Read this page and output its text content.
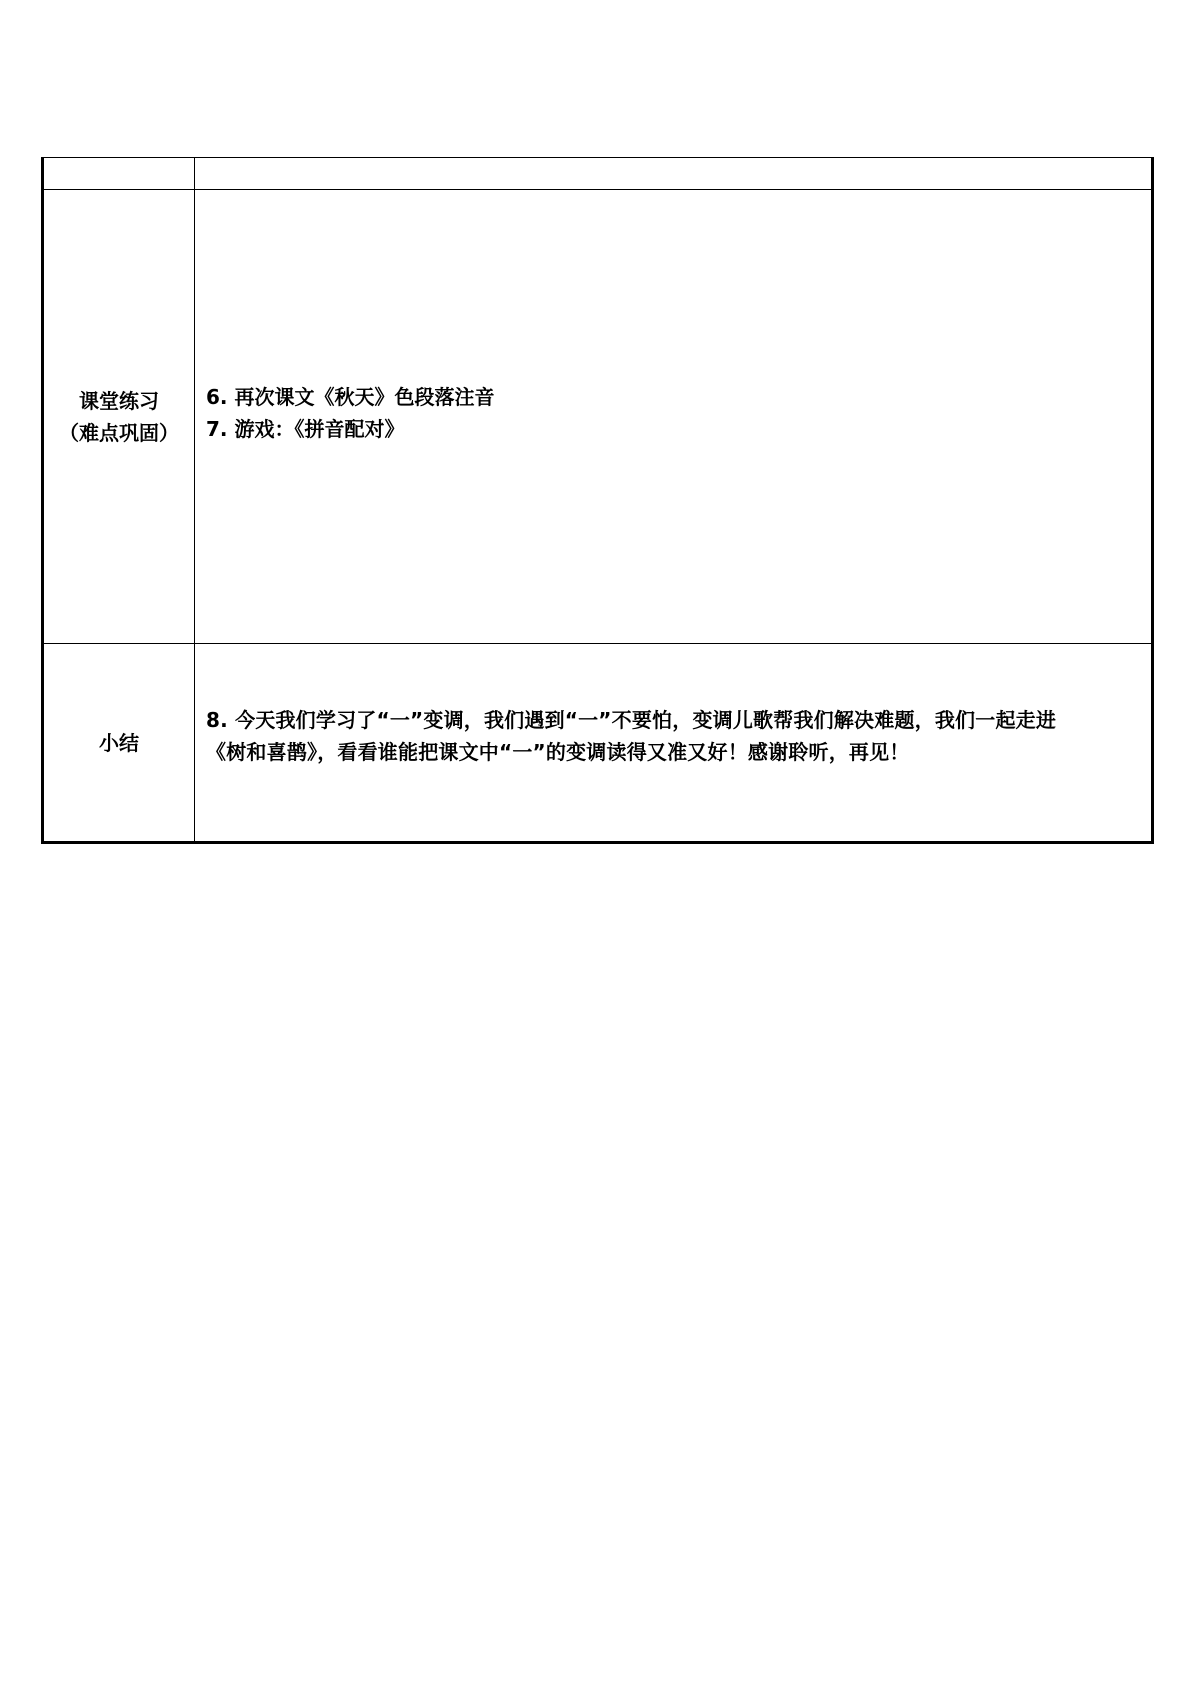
课堂练习
（难点巩固）	6. 再次课文《秋天》色段落注音
7. 游戏：《拼音配对》

小结	8. 今天我们学习了“一”变调，我们遇到“一”不要怕，变调儿歌帮我们解决难题，我们一起走进
《树和喜鹊》，看看谁能把课文中“一”的变调读得又准又好！感谢聆听，再见！
